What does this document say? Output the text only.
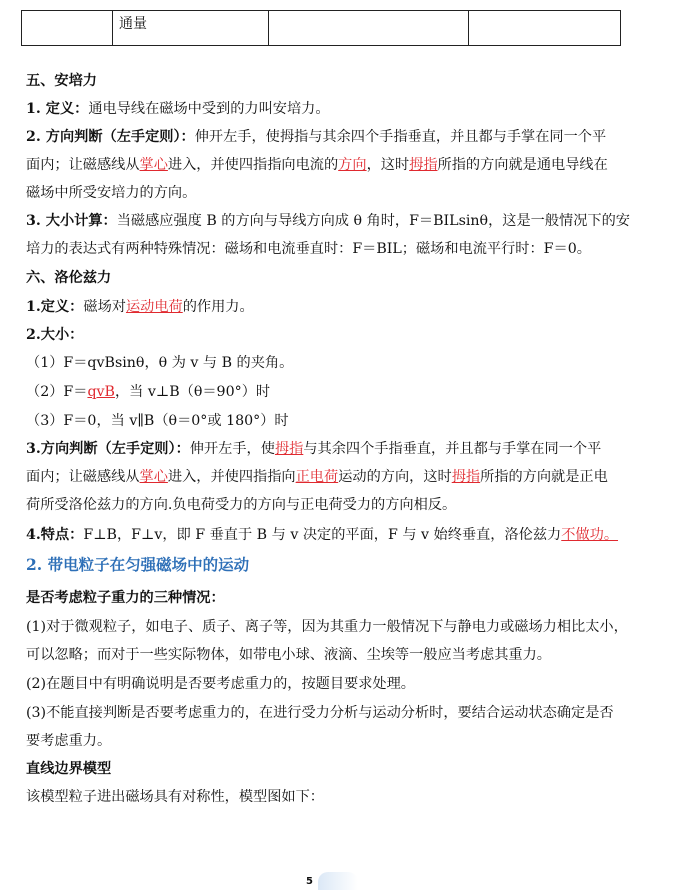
	通量		
五、安培力
1. 定义：通电导线在磁场中受到的力叫安培力。
2. 方向判断（左手定则）：伸开左手，使拇指与其余四个手指垂直，并且都与手掌在同一个平
面内；让磁感线从掌心进入，并使四指指向电流的方向，这时拇指所指的方向就是通电导线在
磁场中所受安培力的方向。
3. 大小计算：当磁感应强度 B 的方向与导线方向成 θ 角时，F＝BILsinθ，这是一般情况下的安
培力的表达式有两种特殊情况：磁场和电流垂直时：F＝BIL；磁场和电流平行时：F＝0。
六、洛伦兹力
1.定义：磁场对运动电荷的作用力。
2.大小：
（1）F＝qvBsinθ，θ 为 v 与 B 的夹角。
（2）F＝qvB，当 v⊥B（θ＝90°）时
（3）F＝0，当 v∥B（θ＝0°或 180°）时
3.方向判断（左手定则）：伸开左手，使拇指与其余四个手指垂直，并且都与手掌在同一个平
面内；让磁感线从掌心进入，并使四指指向正电荷运动的方向，这时拇指所指的方向就是正电
荷所受洛伦兹力的方向.负电荷受力的方向与正电荷受力的方向相反。
4.特点：F⊥B，F⊥v，即 F 垂直于 B 与 v 决定的平面，F 与 v 始终垂直，洛伦兹力不做功。
2. 带电粒子在匀强磁场中的运动
是否考虑粒子重力的三种情况：
(1)对于微观粒子，如电子、质子、离子等，因为其重力一般情况下与静电力或磁场力相比太小，
可以忽略；而对于一些实际物体，如带电小球、液滴、尘埃等一般应当考虑其重力。
(2)在题目中有明确说明是否要考虑重力的，按题目要求处理。
(3)不能直接判断是否要考虑重力的，在进行受力分析与运动分析时，要结合运动状态确定是否
要考虑重力。
直线边界模型
该模型粒子进出磁场具有对称性，模型图如下：
5
